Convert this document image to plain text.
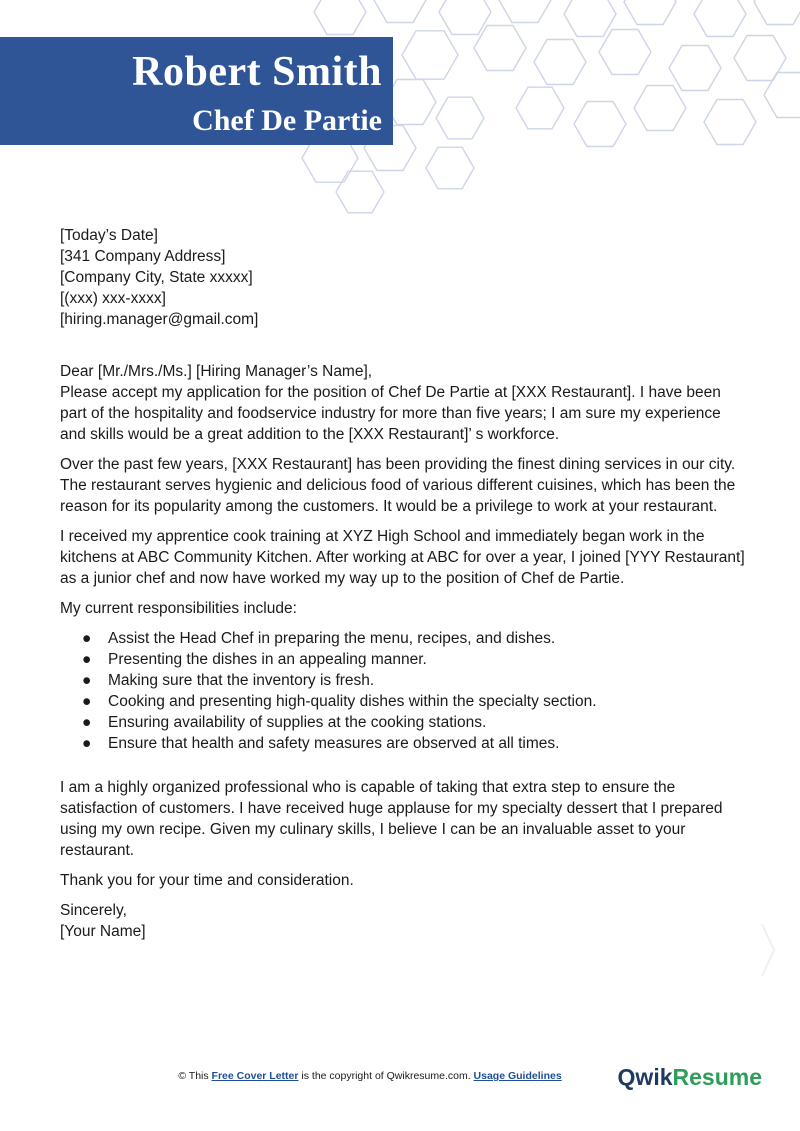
Robert Smith
Chef De Partie

[Today’s Date]

[341 Company Address]

[Company City, State xxxxx]

[(xxx) xxx-xxxx]

[hiring.manager@gmail.com]

Dear [Mr./Mrs./Ms.] [Hiring Manager’s Name],

Please accept my application for the position of Chef De Partie at [XXX Restaurant]. I have been part of the hospitality and foodservice industry for more than five years; I am sure my experience and skills would be a great addition to the [XXX Restaurant]’ s workforce.

Over the past few years, [XXX Restaurant] has been providing the finest dining services in our city. The restaurant serves hygienic and delicious food of various different cuisines, which has been the reason for its popularity among the customers. It would be a privilege to work at your restaurant.

I received my apprentice cook training at XYZ High School and immediately began work in the kitchens at ABC Community Kitchen. After working at ABC for over a year, I joined [YYY Restaurant] as a junior chef and now have worked my way up to the position of Chef de Partie.

My current responsibilities include:

● Assist the Head Chef in preparing the menu, recipes, and dishes.
● Presenting the dishes in an appealing manner.
● Making sure that the inventory is fresh.
● Cooking and presenting high-quality dishes within the specialty section.
● Ensuring availability of supplies at the cooking stations.
● Ensure that health and safety measures are observed at all times.

I am a highly organized professional who is capable of taking that extra step to ensure the satisfaction of customers. I have received huge applause for my specialty dessert that I prepared using my own recipe. Given my culinary skills, I believe I can be an invaluable asset to your restaurant.

Thank you for your time and consideration.

Sincerely,

[Your Name]

© This Free Cover Letter is the copyright of Qwikresume.com. Usage Guidelines	QwikResume
